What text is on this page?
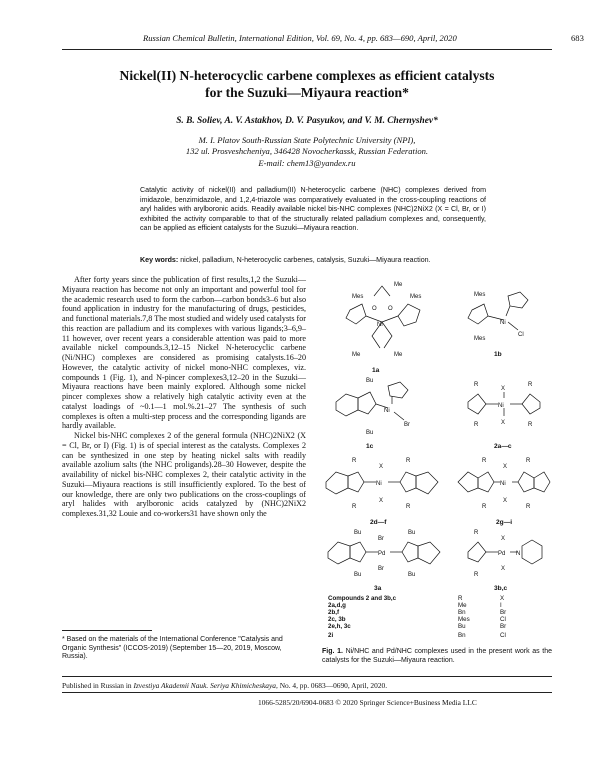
Russian Chemical Bulletin, International Edition, Vol. 69, No. 4, pp. 683—690, April, 2020	683
Nickel(II) N-heterocyclic carbene complexes as efficient catalysts
for the Suzuki—Miyaura reaction*
S. B. Soliev, A. V. Astakhov, D. V. Pasyukov, and V. M. Chernyshev*
M. I. Platov South-Russian State Polytechnic University (NPI),
132 ul. Prosveshcheniya, 346428 Novocherkassk, Russian Federation.
E-mail: chem13@yandex.ru
Catalytic activity of nickel(II) and palladium(II) N-heterocyclic carbene (NHC) complexes derived from imidazole, benzimidazole, and 1,2,4-triazole was comparatively evaluated in the cross-coupling reactions of aryl halides with arylboronic acids. Readily available nickel bis-NHC complexes (NHC)2NiX2 (X = Cl, Br, or I) exhibited the activity comparable to that of the structurally related palladium complexes and, consequently, can be applied as efficient catalysts for the Suzuki—Miyaura reaction.
Key words: nickel, palladium, N-heterocyclic carbenes, catalysis, Suzuki—Miyaura reaction.

After forty years since the publication of first results,1,2 the Suzuki—Miyaura reaction has become not only an important and powerful tool for the academic research used to form the carbon—carbon bonds3–6 but also found application in industry for the manufacturing of drugs, pesticides, and functional materials.7,8 The most studied and widely used catalysts for this reaction are palladium and its complexes with various ligands;3–6,9–11 however, over recent years a considerable attention was paid to more available nickel compounds.3,12–15 Nickel N-heterocyclic carbene (Ni/NHC) complexes are considered as promising catalysts.16–20 However, the catalytic activity of nickel mono-NHC complexes, viz. compounds 1 (Fig. 1), and N-pincer complexes3,12–20 in the Suzuki—Miyaura reactions have been mainly explored. Although some nickel pincer complexes show a relatively high catalytic activity even at the catalyst loadings of ~0.1—1 mol.%.21–27 The synthesis of such complexes is often a multi-step process and the corresponding ligands are hardly available.

Nickel bis-NHC complexes 2 of the general formula (NHC)2NiX2 (X = Cl, Br, or I) (Fig. 1) is of special interest as the catalysts. Complexes 2 can be synthesized in one step by heating nickel salts with readily available azolium salts (the NHC proligands).28–30 However, despite the availability of nickel bis-NHC complexes 2, their catalytic activity in the Suzuki—Miyaura reactions is still insufficiently explored. To the best of our knowledge, there are only two publications on the cross-couplings of aryl halides with arylboronic acids catalyzed by (NHC)2NiX2 complexes.31,32 Louie and co-workers31 have shown only the

* Based on the materials of the International Conference "Catalysis and Organic Synthesis" (ICCOS-2019) (September 15—20, 2019, Moscow, Russia).
Mes	Mes
Ni
Me
Me
Me
O O
1a
Mes
Mes
Ni
Cl
1b
Bu
Bu
Ni
Br
1c
R	R
R	R
X
X
Ni
2a—c
R	R
R	R
X
X
Ni
2d—f
R	R
R	R
X
X
Ni
2g—i
Bu	Bu
Bu	Bu
Br
Br
Pd
3a
R
R
X
X
Pd N
3b,c
Compounds 2 and 3b,c	R	X
2a,d,g	Me	I
2b,f	Bn	Br
2c, 3b	Mes	Cl
2e,h, 3c	Bu	Br
2i	Bn	Cl
Fig. 1. Ni/NHC and Pd/NHC complexes used in the present work as the catalysts for the Suzuki—Miyaura reaction.
Published in Russian in Izvestiya Akademii Nauk. Seriya Khimicheskaya, No. 4, pp. 0683—0690, April, 2020.
1066-5285/20/6904-0683 © 2020 Springer Science+Business Media LLC
